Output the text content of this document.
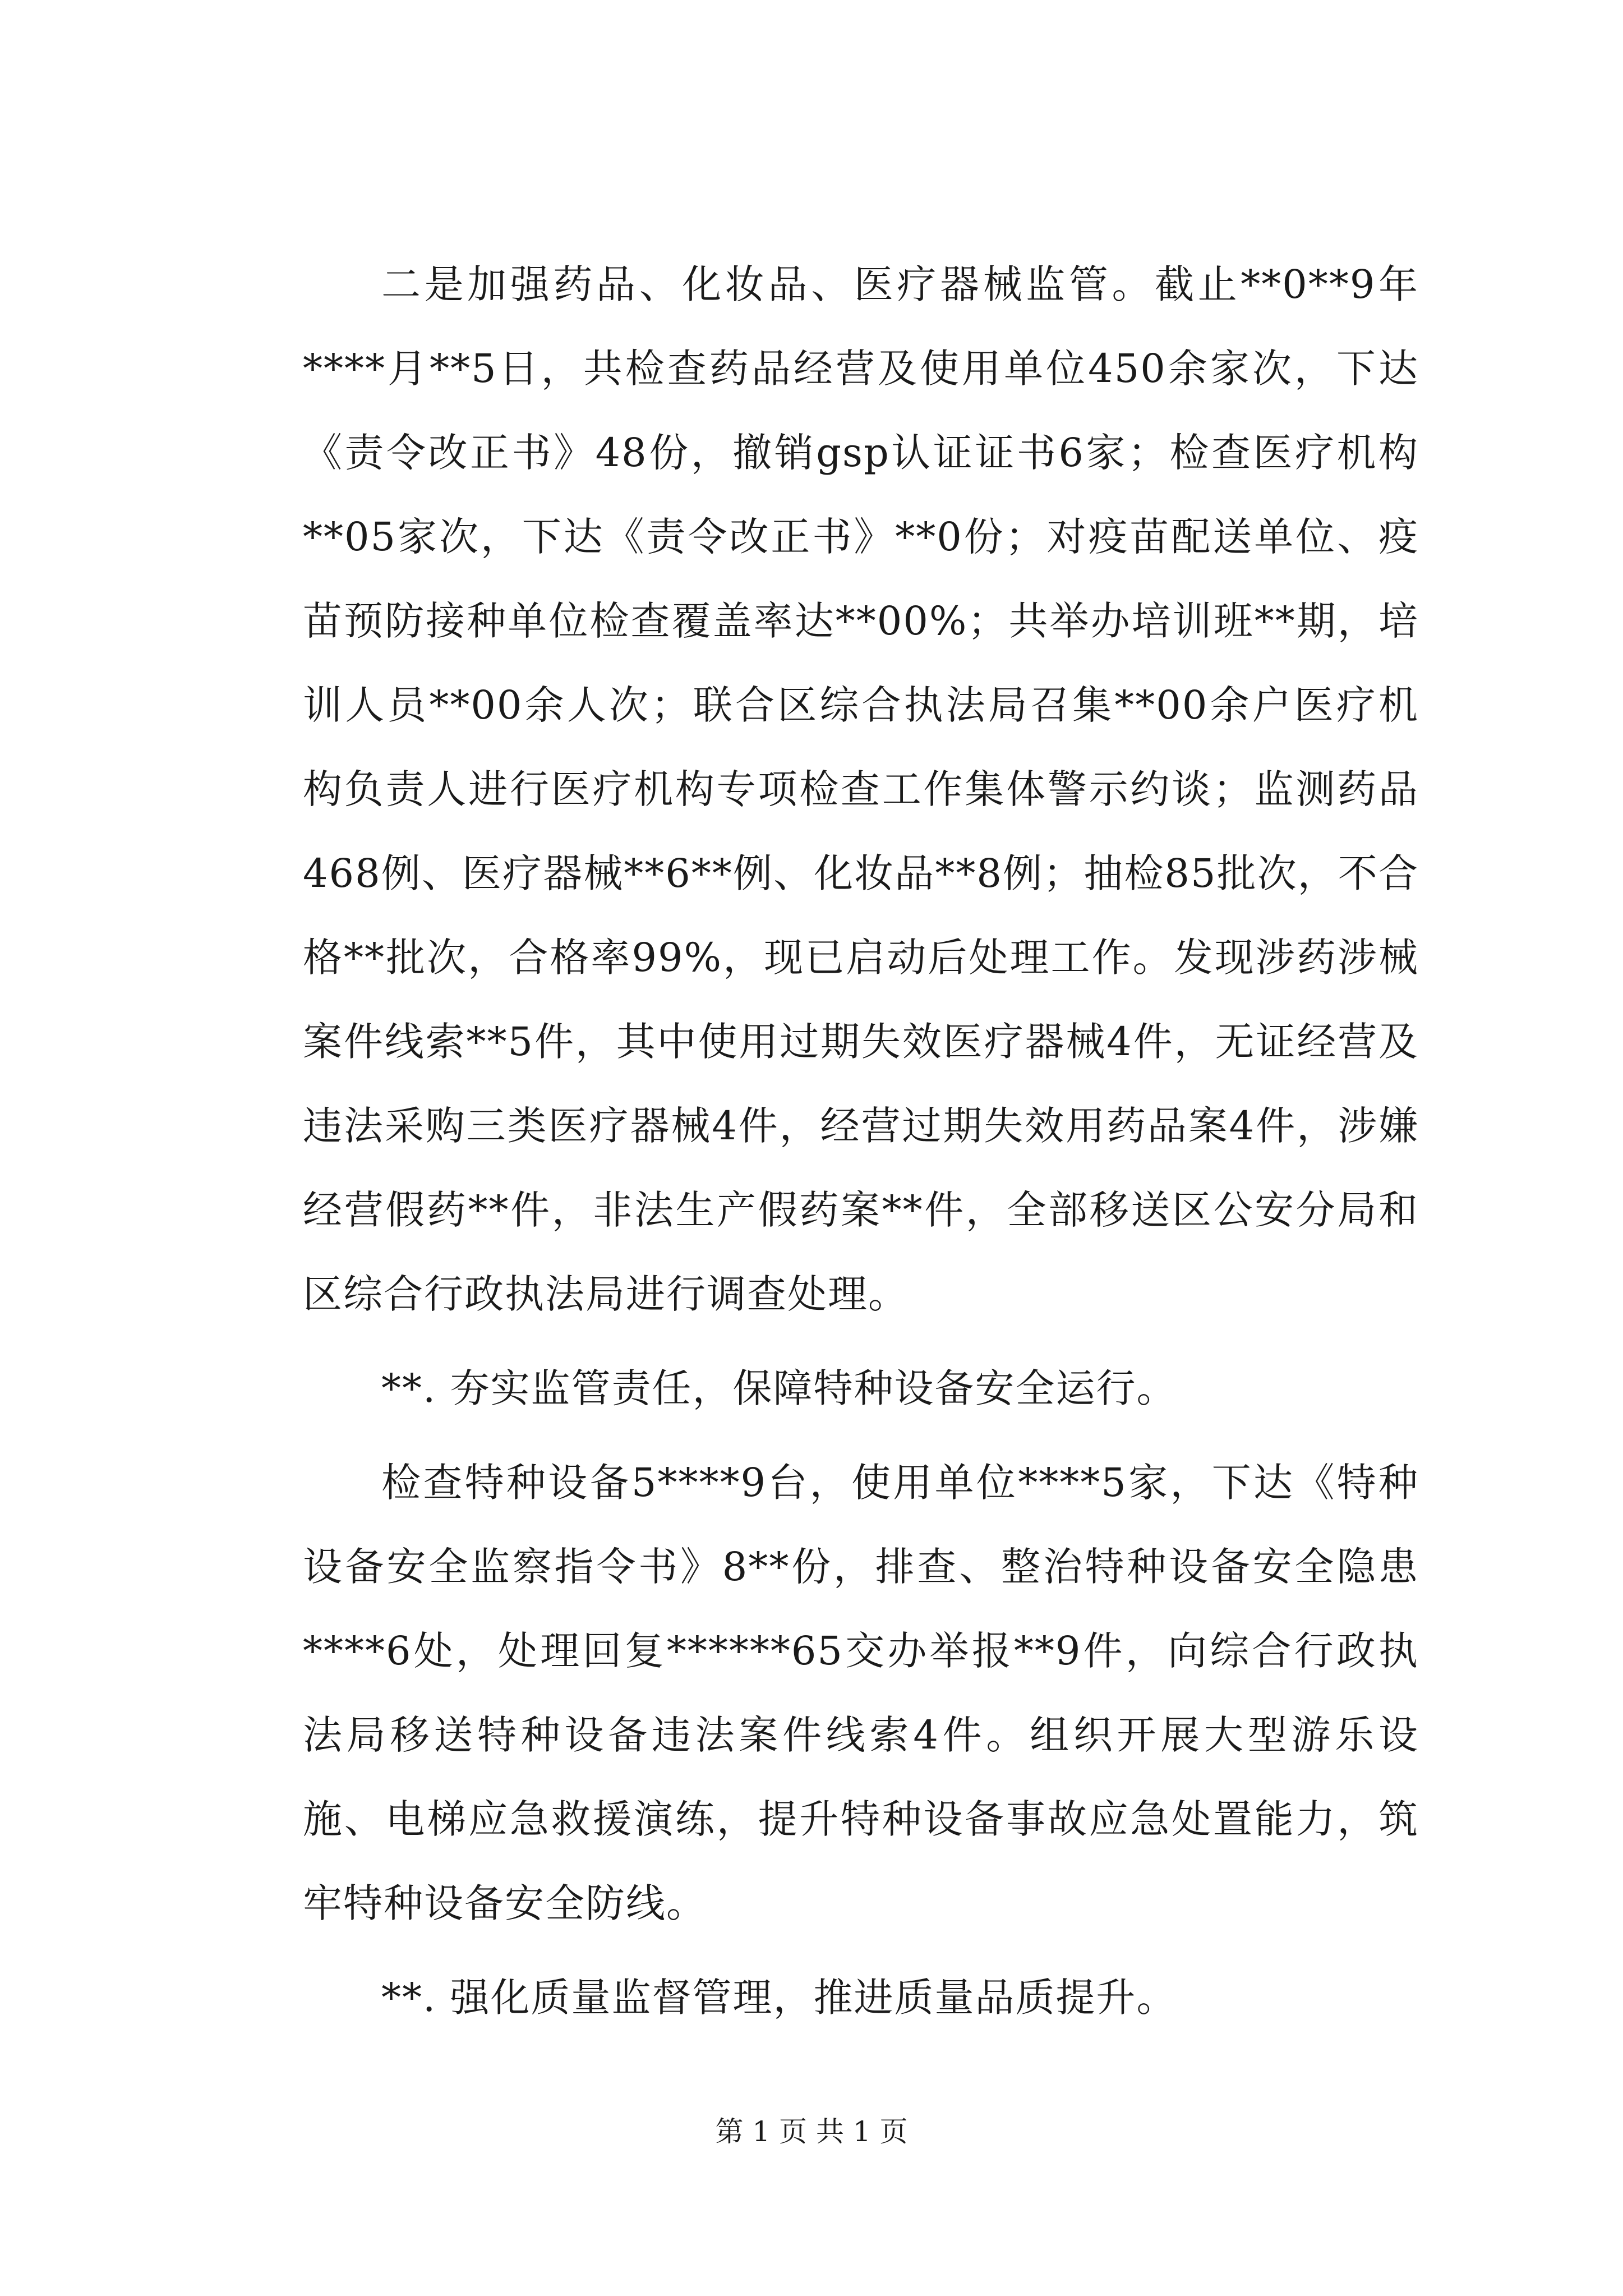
二是加强药品、化妆品、医疗器械监管。截止**0**9年****月**5日，共检查药品经营及使用单位450余家次，下达《责令改正书》48份，撤销gsp认证证书6家；检查医疗机构**05家次，下达《责令改正书》**0份；对疫苗配送单位、疫苗预防接种单位检查覆盖率达**00%；共举办培训班**期，培训人员**00余人次；联合区综合执法局召集**00余户医疗机构负责人进行医疗机构专项检查工作集体警示约谈；监测药品468例、医疗器械**6**例、化妆品**8例；抽检85批次，不合格**批次，合格率99%，现已启动后处理工作。发现涉药涉械案件线索**5件，其中使用过期失效医疗器械4件，无证经营及违法采购三类医疗器械4件，经营过期失效用药品案4件，涉嫌经营假药**件，非法生产假药案**件，全部移送区公安分局和区综合行政执法局进行调查处理。

**. 夯实监管责任，保障特种设备安全运行。

检查特种设备5****9台，使用单位****5家，下达《特种设备安全监察指令书》8**份，排查、整治特种设备安全隐患****6处，处理回复******65交办举报**9件，向综合行政执法局移送特种设备违法案件线索4件。组织开展大型游乐设施、电梯应急救援演练，提升特种设备事故应急处置能力，筑牢特种设备安全防线。

**. 强化质量监督管理，推进质量品质提升。

第 1 页 共 1 页
